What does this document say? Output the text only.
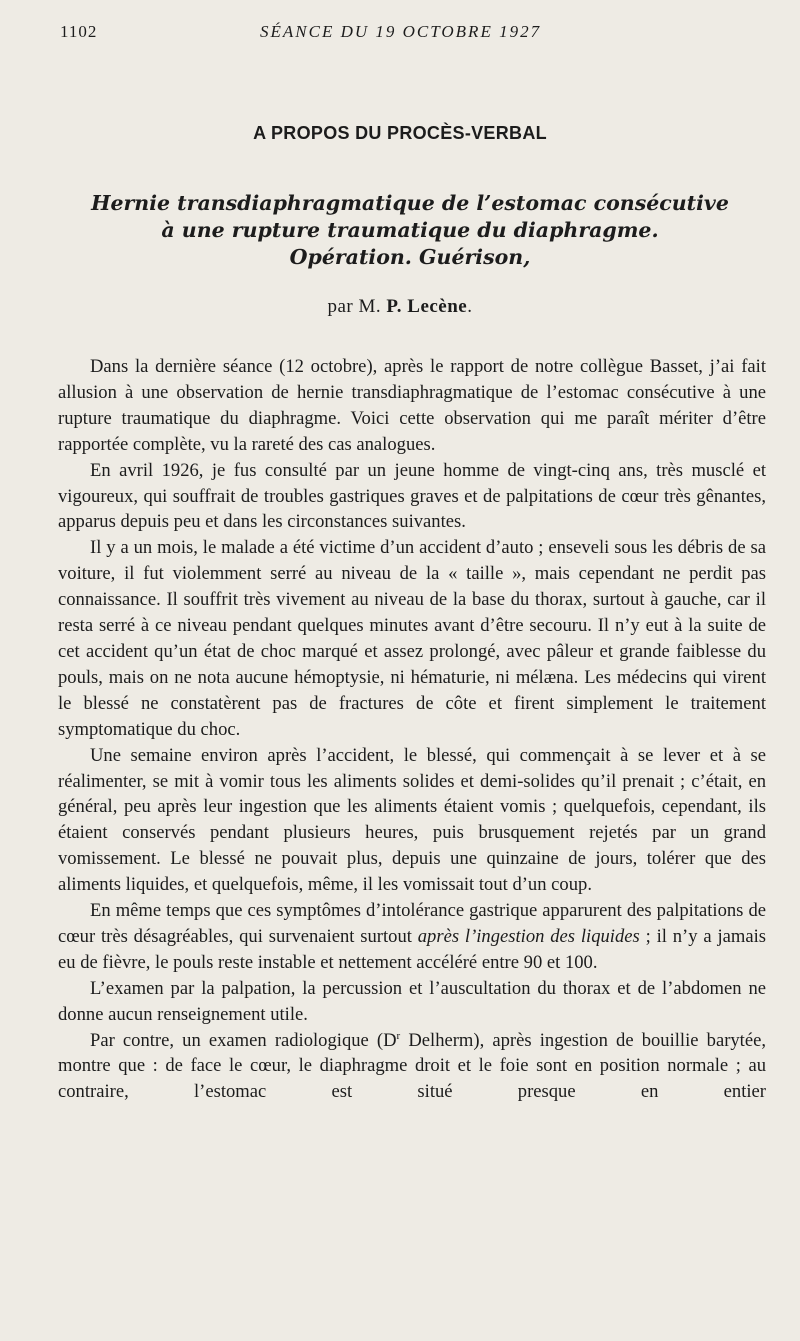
1102	SÉANCE DU 19 OCTOBRE 1927
A PROPOS DU PROCÈS-VERBAL
Hernie transdiaphragmatique de l’estomac consécutive
à une rupture traumatique du diaphragme.
Opération. Guérison,
par M. P. Lecène.

Dans la dernière séance (12 octobre), après le rapport de notre collègue Basset, j’ai fait allusion à une observation de hernie transdiaphragmatique de l’estomac consécutive à une rupture traumatique du diaphragme. Voici cette observation qui me paraît mériter d’être rapportée complète, vu la rareté des cas analogues.

En avril 1926, je fus consulté par un jeune homme de vingt-cinq ans, très musclé et vigoureux, qui souffrait de troubles gastriques graves et de palpitations de cœur très gênantes, apparus depuis peu et dans les circonstances suivantes.

Il y a un mois, le malade a été victime d’un accident d’auto ; enseveli sous les débris de sa voiture, il fut violemment serré au niveau de la « taille », mais cependant ne perdit pas connaissance. Il souffrit très vivement au niveau de la base du thorax, surtout à gauche, car il resta serré à ce niveau pendant quelques minutes avant d’être secouru. Il n’y eut à la suite de cet accident qu’un état de choc marqué et assez prolongé, avec pâleur et grande faiblesse du pouls, mais on ne nota aucune hémoptysie, ni hématurie, ni mélæna. Les médecins qui virent le blessé ne constatèrent pas de fractures de côte et firent simplement le traitement symptomatique du choc.

Une semaine environ après l’accident, le blessé, qui commençait à se lever et à se réalimenter, se mit à vomir tous les aliments solides et demi-solides qu’il prenait ; c’était, en général, peu après leur ingestion que les aliments étaient vomis ; quelquefois, cependant, ils étaient conservés pendant plusieurs heures, puis brusquement rejetés par un grand vomissement. Le blessé ne pouvait plus, depuis une quinzaine de jours, tolérer que des aliments liquides, et quelquefois, même, il les vomissait tout d’un coup.

En même temps que ces symptômes d’intolérance gastrique apparurent des palpitations de cœur très désagréables, qui survenaient surtout après l’ingestion des liquides ; il n’y a jamais eu de fièvre, le pouls reste instable et nettement accéléré entre 90 et 100.

L’examen par la palpation, la percussion et l’auscultation du thorax et de l’abdomen ne donne aucun renseignement utile.

Par contre, un examen radiologique ($D^r$ Delherm), après ingestion de bouillie barytée, montre que : de face le cœur, le diaphragme droit et le foie sont en position normale ; au contraire, l’estomac est situé presque en entier
